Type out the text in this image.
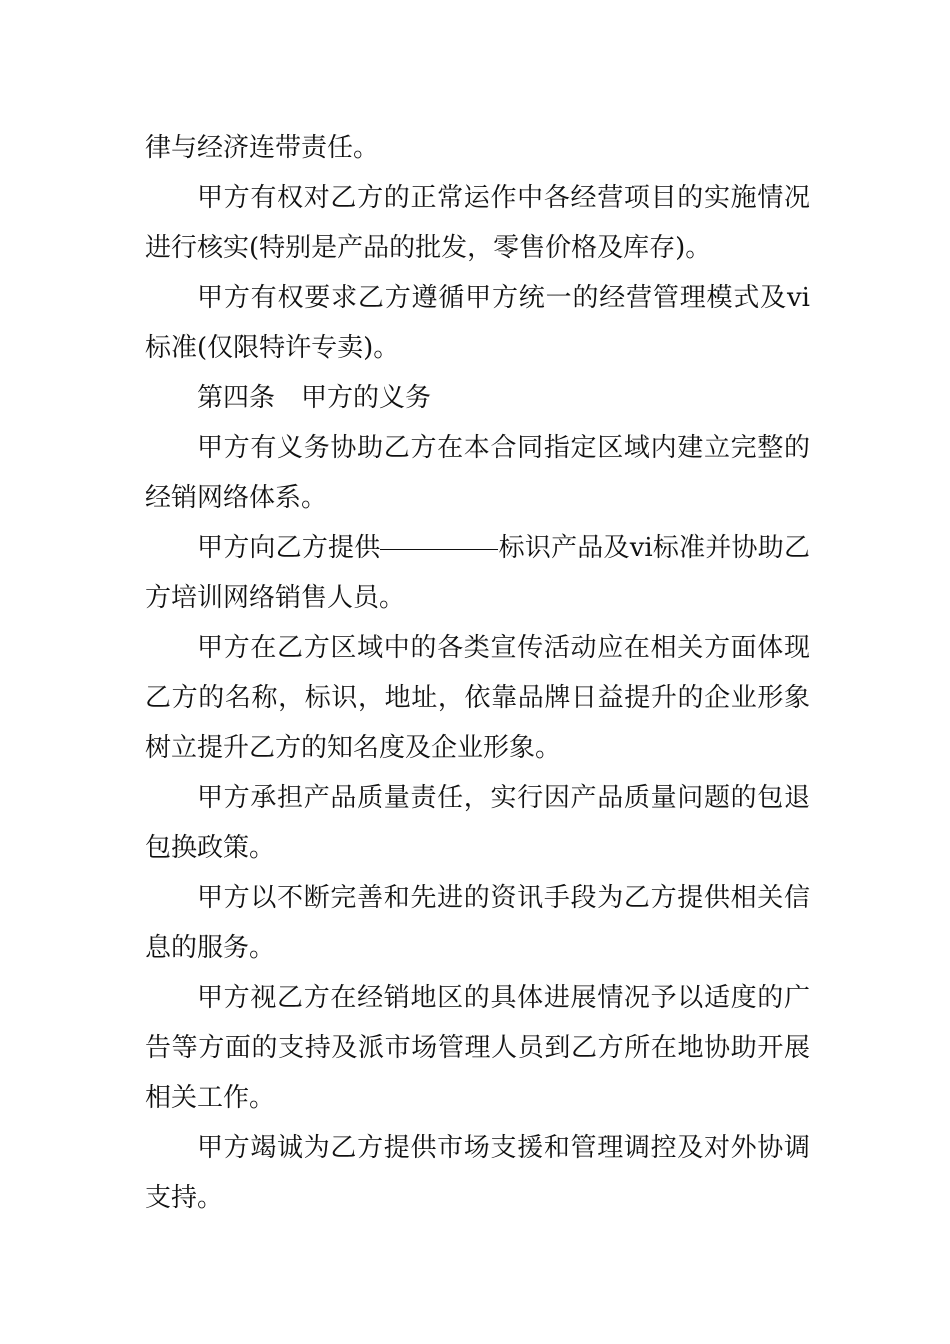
律与经济连带责任。

甲方有权对乙方的正常运作中各经营项目的实施情况进行核实(特别是产品的批发，零售价格及库存)。

甲方有权要求乙方遵循甲方统一的经营管理模式及vi标准(仅限特许专卖)。

第四条　甲方的义务

甲方有义务协助乙方在本合同指定区域内建立完整的经销网络体系。

甲方向乙方提供	标识产品及vi标准并协助乙方培训网络销售人员。

甲方在乙方区域中的各类宣传活动应在相关方面体现乙方的名称，标识，地址，依靠品牌日益提升的企业形象树立提升乙方的知名度及企业形象。

甲方承担产品质量责任，实行因产品质量问题的包退包换政策。

甲方以不断完善和先进的资讯手段为乙方提供相关信息的服务。

甲方视乙方在经销地区的具体进展情况予以适度的广告等方面的支持及派市场管理人员到乙方所在地协助开展相关工作。

甲方竭诚为乙方提供市场支援和管理调控及对外协调支持。
